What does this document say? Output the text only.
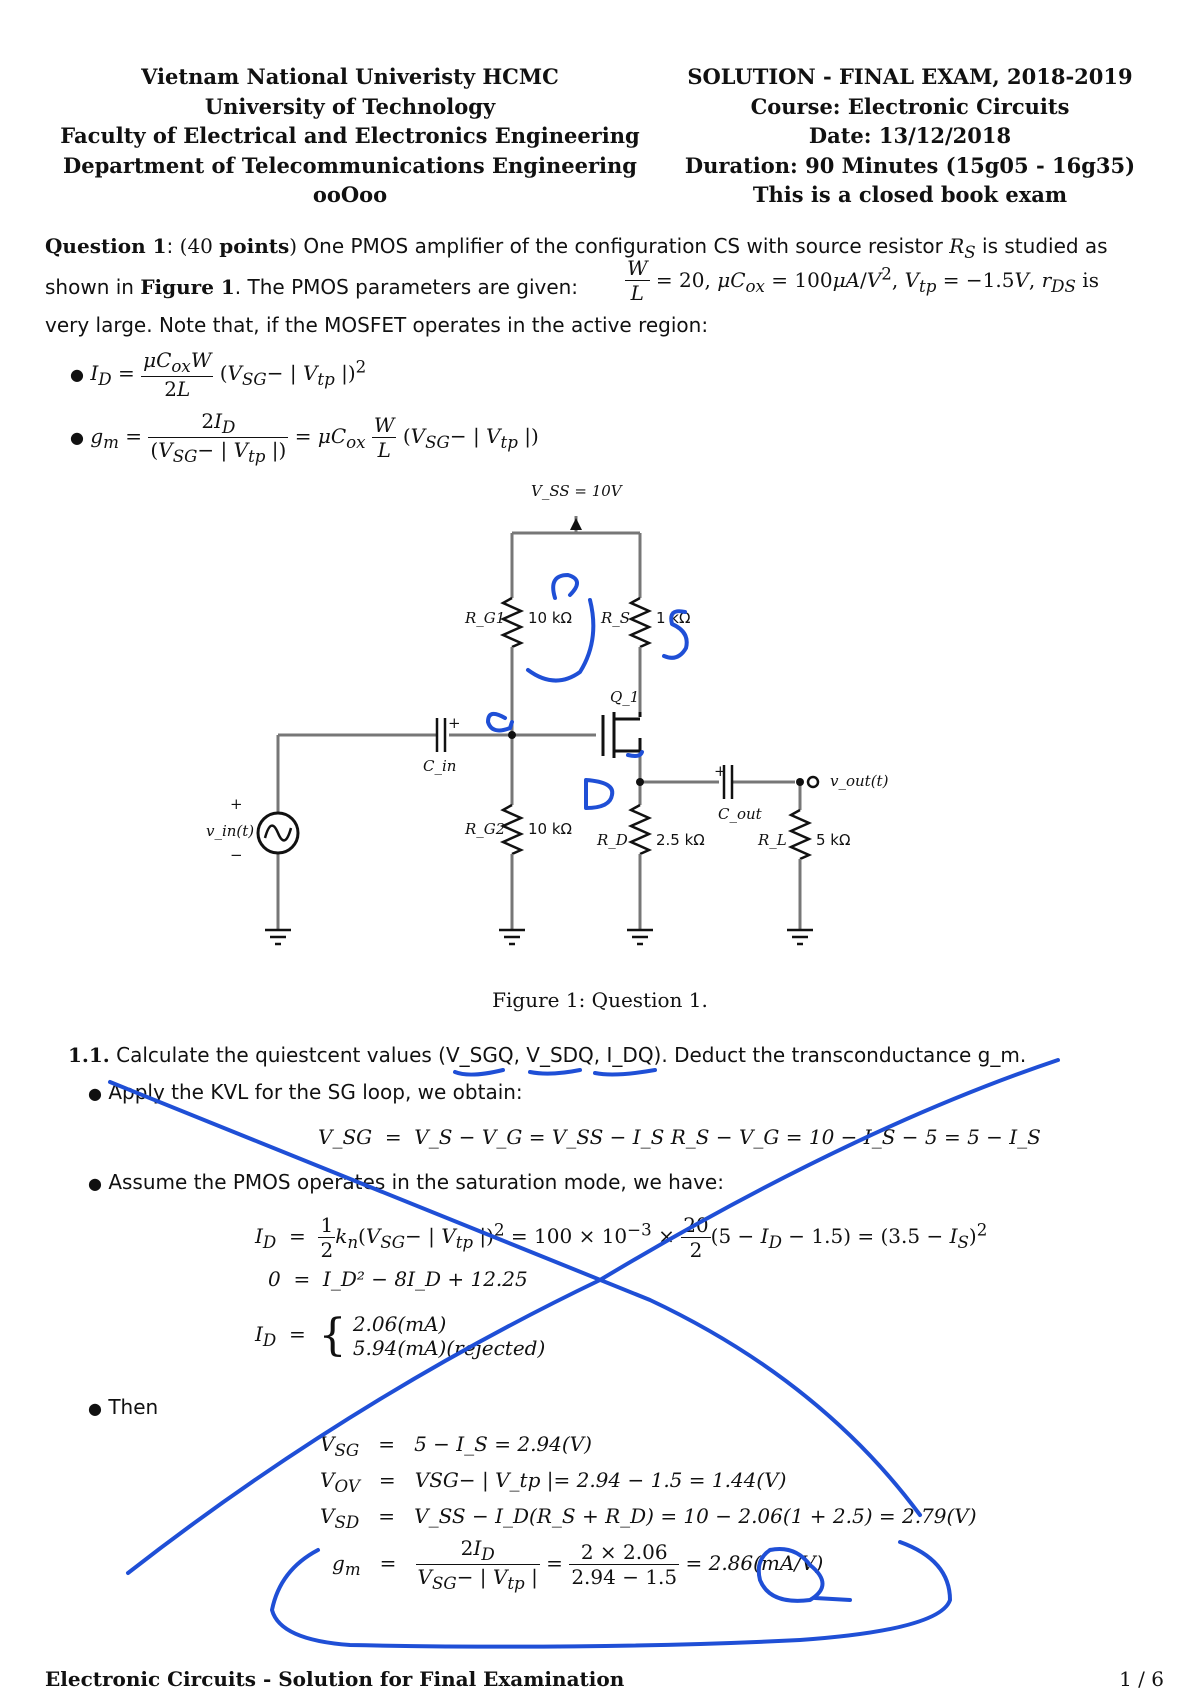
Vietnam National Univeristy HCMC
University of Technology
Faculty of Electrical and Electronics Engineering
Department of Telecommunications Engineering
ooOoo
SOLUTION - FINAL EXAM, 2018-2019
Course: Electronic Circuits
Date: 13/12/2018
Duration: 90 Minutes (15g05 - 16g35)
This is a closed book exam
Question 1: (40 points) One PMOS amplifier of the configuration CS with source resistor $R_S$ is studied as
shown in Figure 1. The PMOS parameters are given: $\frac{W}{L} = 20$, $\mu C_{ox} = 100\mu A/V^2$, $V_{tp} = -1.5V$, $r_{DS}$ is
very large. Note that, if the MOSFET operates in the active region:
● $I_D = \frac{\mu C_{ox}W}{2L} (V_{SG}-$ | $V_{tp}$ |)$^2$
● $g_m = \frac{2I_D}{(V_{SG}- | V_{tp} |)} = \mu C_{ox} \frac{W}{L} (V_{SG}-$ | $V_{tp}$ |)
V_SS = 10V
R_G1 10 kΩ R_S 1 kΩ
Q_1
+
C_in	+
C_out
v_out(t)
+
v_in(t)
−
R_G2 10 kΩ
R_D 2.5 kΩ	R_L 5 kΩ
Figure 1: Question 1.
1.1. Calculate the quiestcent values (V_SGQ, V_SDQ, I_DQ). Deduct the transconductance g_m.
● Apply the KVL for the SG loop, we obtain:
V_SG  =  V_S − V_G = V_SS − I_S R_S − V_G = 10 − I_S − 5 = 5 − I_S
● Assume the PMOS operates in the saturation mode, we have:
$I_D = \frac{1}{2} k_n(V_{SG}-$ | $V_{tp}$ $|)^2 = 100 \times 10^{-3} \times \frac{20}{2} (5 - I_D - 1.5) = (3.5 - I_S)^2$
0  =  I_D² − 8I_D + 12.25
$I_D$  =  { 2.06(mA)
5.94(mA)(rejected)
● Then
$V_{SG} = 5$ − I_S = 2.94(V)
$V_{OV} = VSG-$ | V_tp |= 2.94 − 1.5 = 1.44(V)
$V_{SD}$   =   V_SS − I_D(R_S + R_D) = 10 − 2.06(1 + 2.5) = 2.79(V)
$g_m = \frac{2I_D}{V_{SG}- | V_{tp} |} = \frac{2 \times 2.06}{2.94 - 1.5} = 2.86(mA/V)$
Electronic Circuits - Solution for Final Examination	1 / 6
